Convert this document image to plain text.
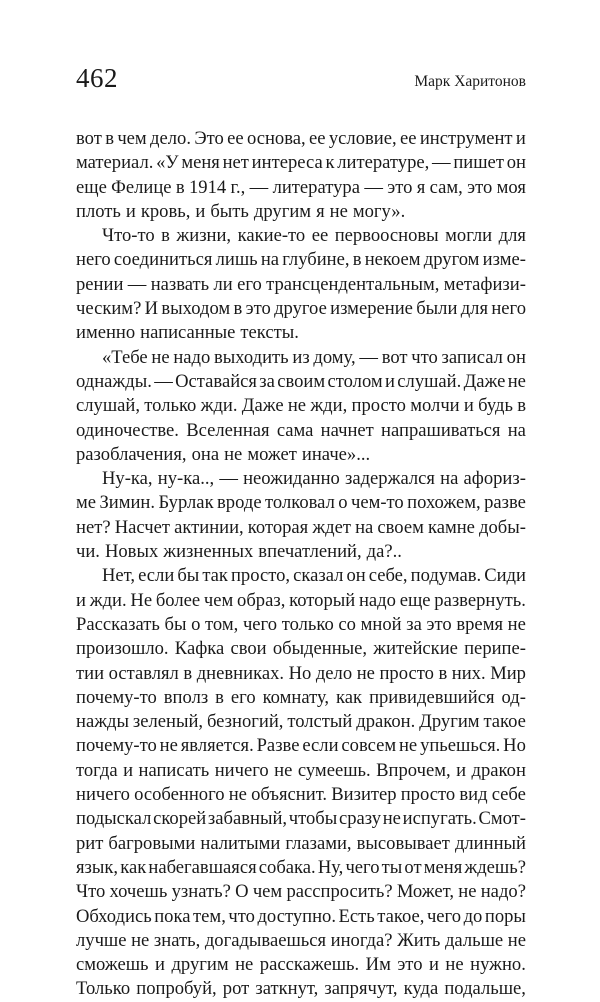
462	Марк Харитонов
вот в чем дело. Это ее основа, ее условие, ее инструмент и
материал. «У меня нет интереса к литературе, — пишет он
еще Фелице в 1914 г., — литература — это я сам, это моя
плоть и кровь, и быть другим я не могу».
Что-то в жизни, какие-то ее первоосновы могли для
него соединиться лишь на глубине, в некоем другом изме-
рении — назвать ли его трансцендентальным, метафизи-
ческим? И выходом в это другое измерение были для него
именно написанные тексты.
«Тебе не надо выходить из дому, — вот что записал он
однажды. — Оставайся за своим столом и слушай. Даже не
слушай, только жди. Даже не жди, просто молчи и будь в
одиночестве. Вселенная сама начнет напрашиваться на
разоблачения, она не может иначе»...
Ну-ка, ну-ка.., — неожиданно задержался на афориз-
ме Зимин. Бурлак вроде толковал о чем-то похожем, разве
нет? Насчет актинии, которая ждет на своем камне добы-
чи. Новых жизненных впечатлений, да?..
Нет, если бы так просто, сказал он себе, подумав. Сиди
и жди. Не более чем образ, который надо еще развернуть.
Рассказать бы о том, чего только со мной за это время не
произошло. Кафка свои обыденные, житейские перипе-
тии оставлял в дневниках. Но дело не просто в них. Мир
почему-то вполз в его комнату, как привидевшийся од-
нажды зеленый, безногий, толстый дракон. Другим такое
почему-то не является. Разве если совсем не упьешься. Но
тогда и написать ничего не сумеешь. Впрочем, и дракон
ничего особенного не объяснит. Визитер просто вид себе
подыскал скорей забавный, чтобы сразу не испугать. Смот-
рит багровыми налитыми глазами, высовывает длинный
язык, как набегавшаяся собака. Ну, чего ты от меня ждешь?
Что хочешь узнать? О чем расспросить? Может, не надо?
Обходись пока тем, что доступно. Есть такое, чего до поры
лучше не знать, догадываешься иногда? Жить дальше не
сможешь и другим не расскажешь. Им это и не нужно.
Только попробуй, рот заткнут, запрячут, куда подальше,
